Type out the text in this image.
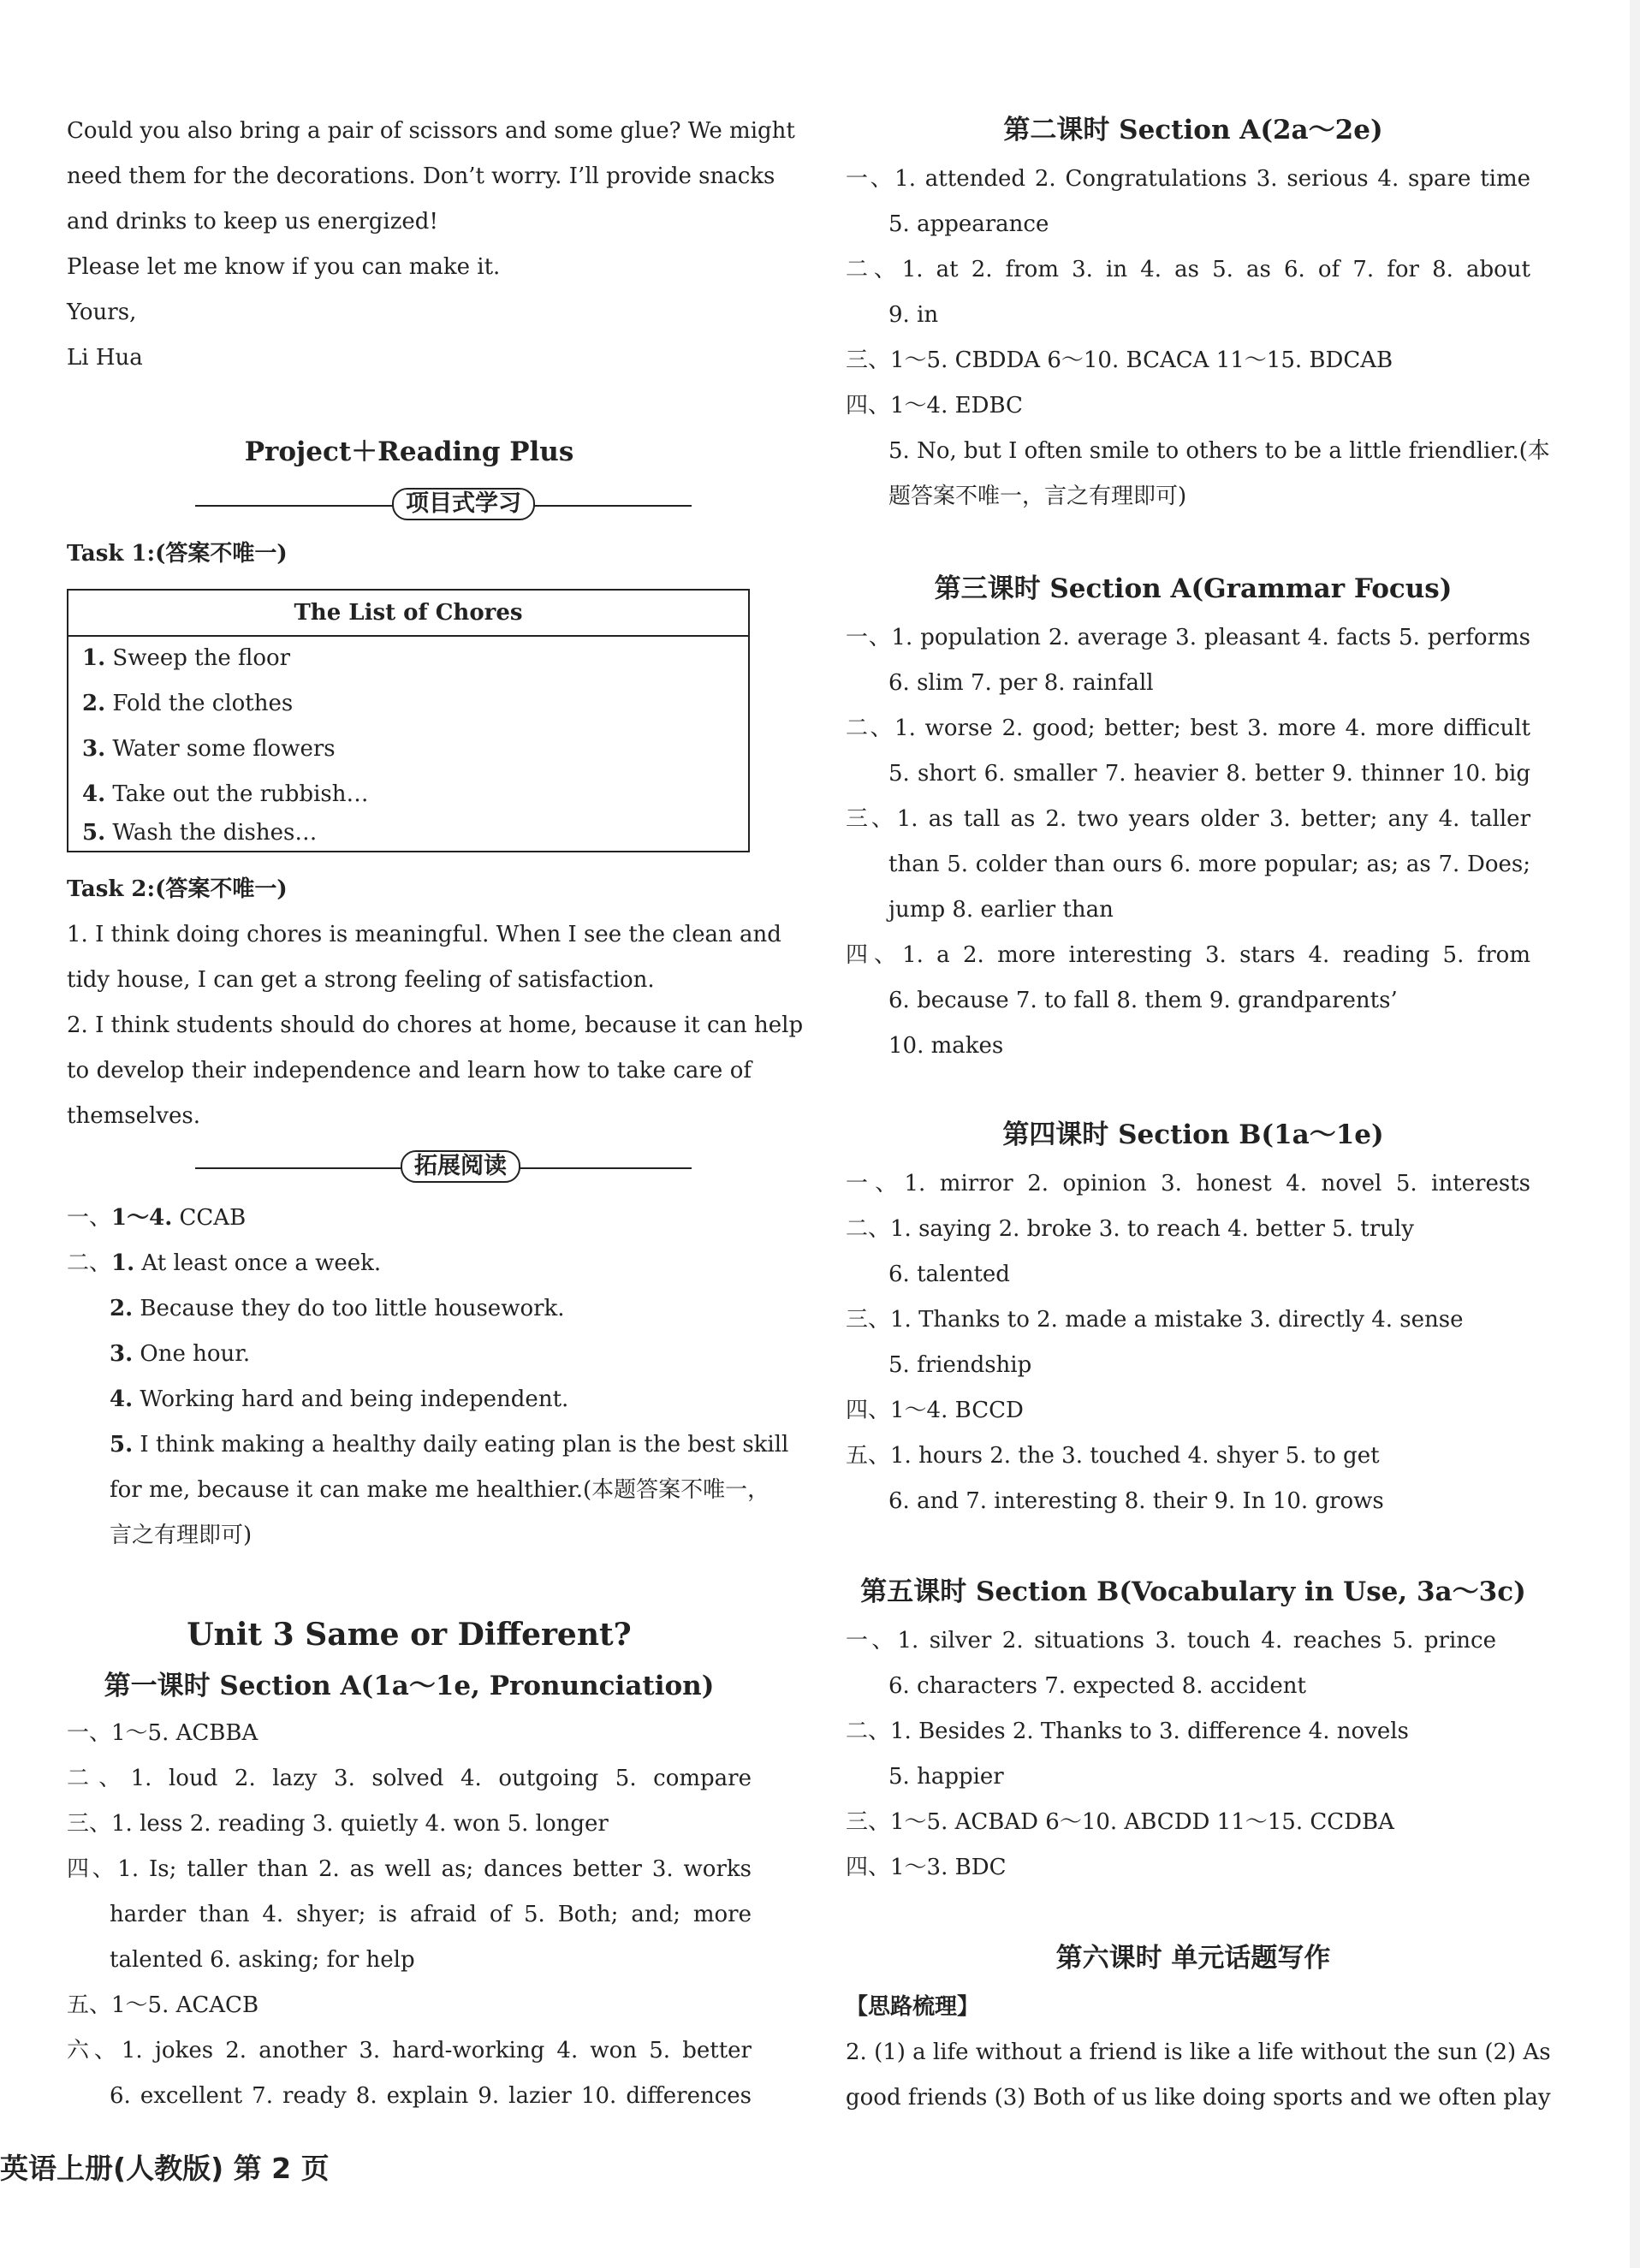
Could you also bring a pair of scissors and some glue? We might
need them for the decorations. Don’t worry. I’ll provide snacks
and drinks to keep us energized!
Please let me know if you can make it.
Yours,
Li Hua
Project＋Reading Plus
项目式学习
Task 1:(答案不唯一)
The List of Chores
1. Sweep the floor
2. Fold the clothes
3. Water some flowers
4. Take out the rubbish…
5. Wash the dishes…
Task 2:(答案不唯一)
1. I think doing chores is meaningful. When I see the clean and
tidy house, I can get a strong feeling of satisfaction.
2. I think students should do chores at home, because it can help
to develop their independence and learn how to take care of
themselves.
拓展阅读
一、1～4. CCAB
二、1. At least once a week.
2. Because they do too little housework.
3. One hour.
4. Working hard and being independent.
5. I think making a healthy daily eating plan is the best skill
for me, because it can make me healthier.(本题答案不唯一，
言之有理即可)
Unit 3 Same or Different?
第一课时 Section A(1a～1e, Pronunciation)
一、1～5. ACBBA
二、1. loud 2. lazy 3. solved 4. outgoing 5. compare
三、1. less 2. reading 3. quietly 4. won 5. longer
四、1. Is; taller than 2. as well as; dances better 3. works
harder than 4. shyer; is afraid of 5. Both; and; more
talented 6. asking; for help
五、1～5. ACACB
六、1. jokes 2. another 3. hard-working 4. won 5. better
6. excellent 7. ready 8. explain 9. lazier 10. differences
第二课时 Section A(2a～2e)
一、1. attended 2. Congratulations 3. serious 4. spare time
5. appearance
二、1. at 2. from 3. in 4. as 5. as 6. of 7. for 8. about
9. in
三、1～5. CBDDA 6～10. BCACA 11～15. BDCAB
四、1～4. EDBC
5. No, but I often smile to others to be a little friendlier.(本
题答案不唯一，言之有理即可)
第三课时 Section A(Grammar Focus)
一、1. population 2. average 3. pleasant 4. facts 5. performs
6. slim 7. per 8. rainfall
二、1. worse 2. good; better; best 3. more 4. more difficult
5. short 6. smaller 7. heavier 8. better 9. thinner 10. big
三、1. as tall as 2. two years older 3. better; any 4. taller
than 5. colder than ours 6. more popular; as; as 7. Does;
jump 8. earlier than
四、1. a 2. more interesting 3. stars 4. reading 5. from
6. because 7. to fall 8. them 9. grandparents’
10. makes
第四课时 Section B(1a～1e)
一、1. mirror 2. opinion 3. honest 4. novel 5. interests
二、1. saying 2. broke 3. to reach 4. better 5. truly
6. talented
三、1. Thanks to 2. made a mistake 3. directly 4. sense
5. friendship
四、1～4. BCCD
五、1. hours 2. the 3. touched 4. shyer 5. to get
6. and 7. interesting 8. their 9. In 10. grows
第五课时 Section B(Vocabulary in Use, 3a～3c)
一、1. silver 2. situations 3. touch 4. reaches 5. prince
6. characters 7. expected 8. accident
二、1. Besides 2. Thanks to 3. difference 4. novels
5. happier
三、1～5. ACBAD 6～10. ABCDD 11～15. CCDBA
四、1～3. BDC
第六课时 单元话题写作
【思路梳理】
2. (1) a life without a friend is like a life without the sun (2) As
good friends (3) Both of us like doing sports and we often play
英语上册(人教版) 第 2 页
